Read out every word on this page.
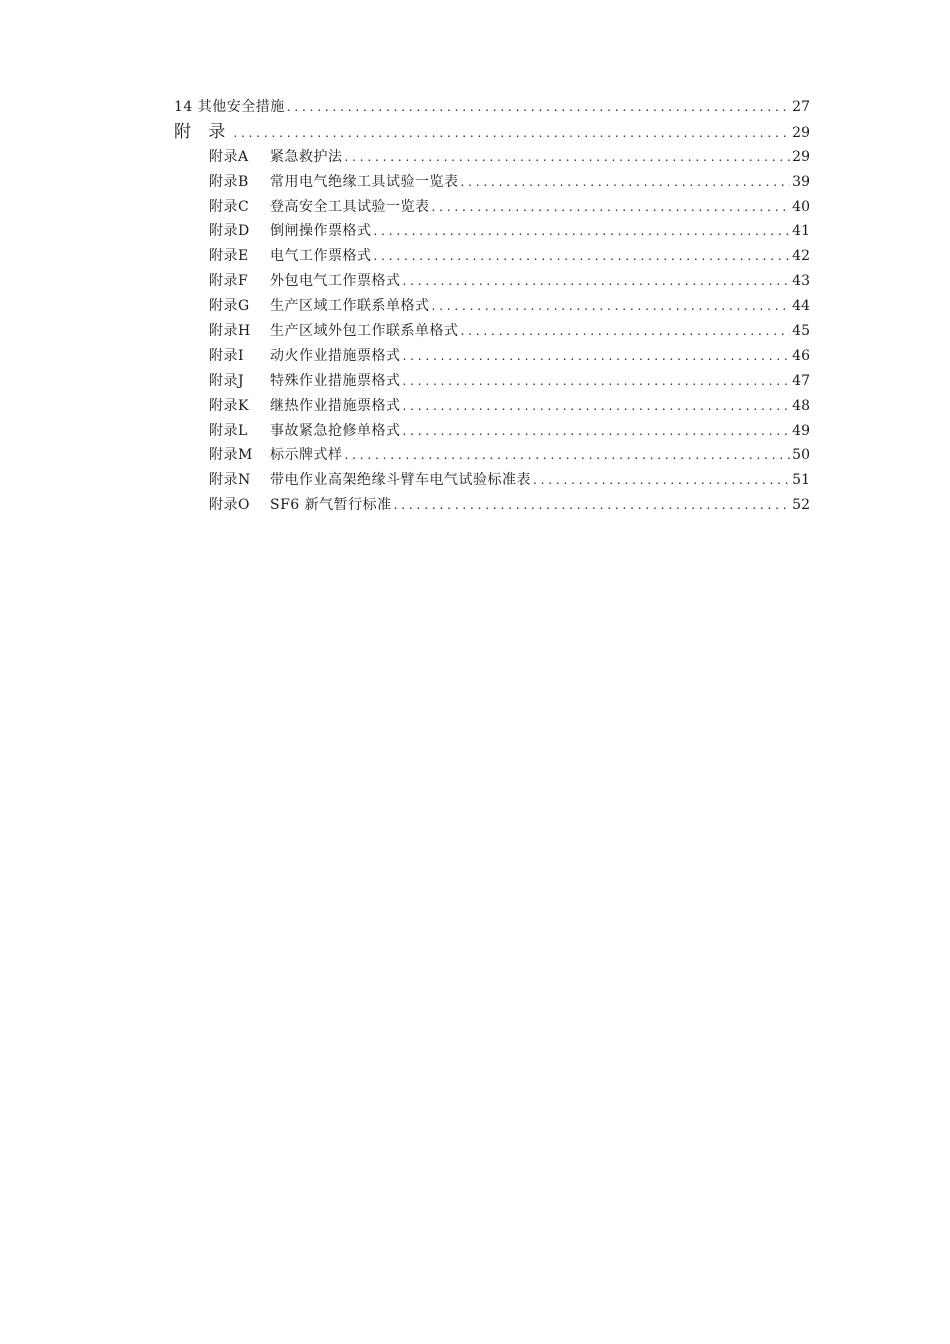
14 其他安全措施 . . .	27
附 录 . . .	29
附录A	紧急救护法 . . .	29
附录B	常用电气绝缘工具试验一览表 . . .	39
附录C	登高安全工具试验一览表 . . .	40
附录D	倒闸操作票格式 . . .	41
附录E	电气工作票格式 . . .	42
附录F	外包电气工作票格式 . . .	43
附录G	生产区域工作联系单格式 . . .	44
附录H	生产区域外包工作联系单格式 . . .	45
附录I	动火作业措施票格式 . . .	46
附录J	特殊作业措施票格式 . . .	47
附录K	继热作业措施票格式 . . .	48
附录L	事故紧急抢修单格式 . . .	49
附录M	标示牌式样 . . .	50
附录N	带电作业高架绝缘斗臂车电气试验标准表 . . .	51
附录O	SF6 新气暂行标准 . . .	52
